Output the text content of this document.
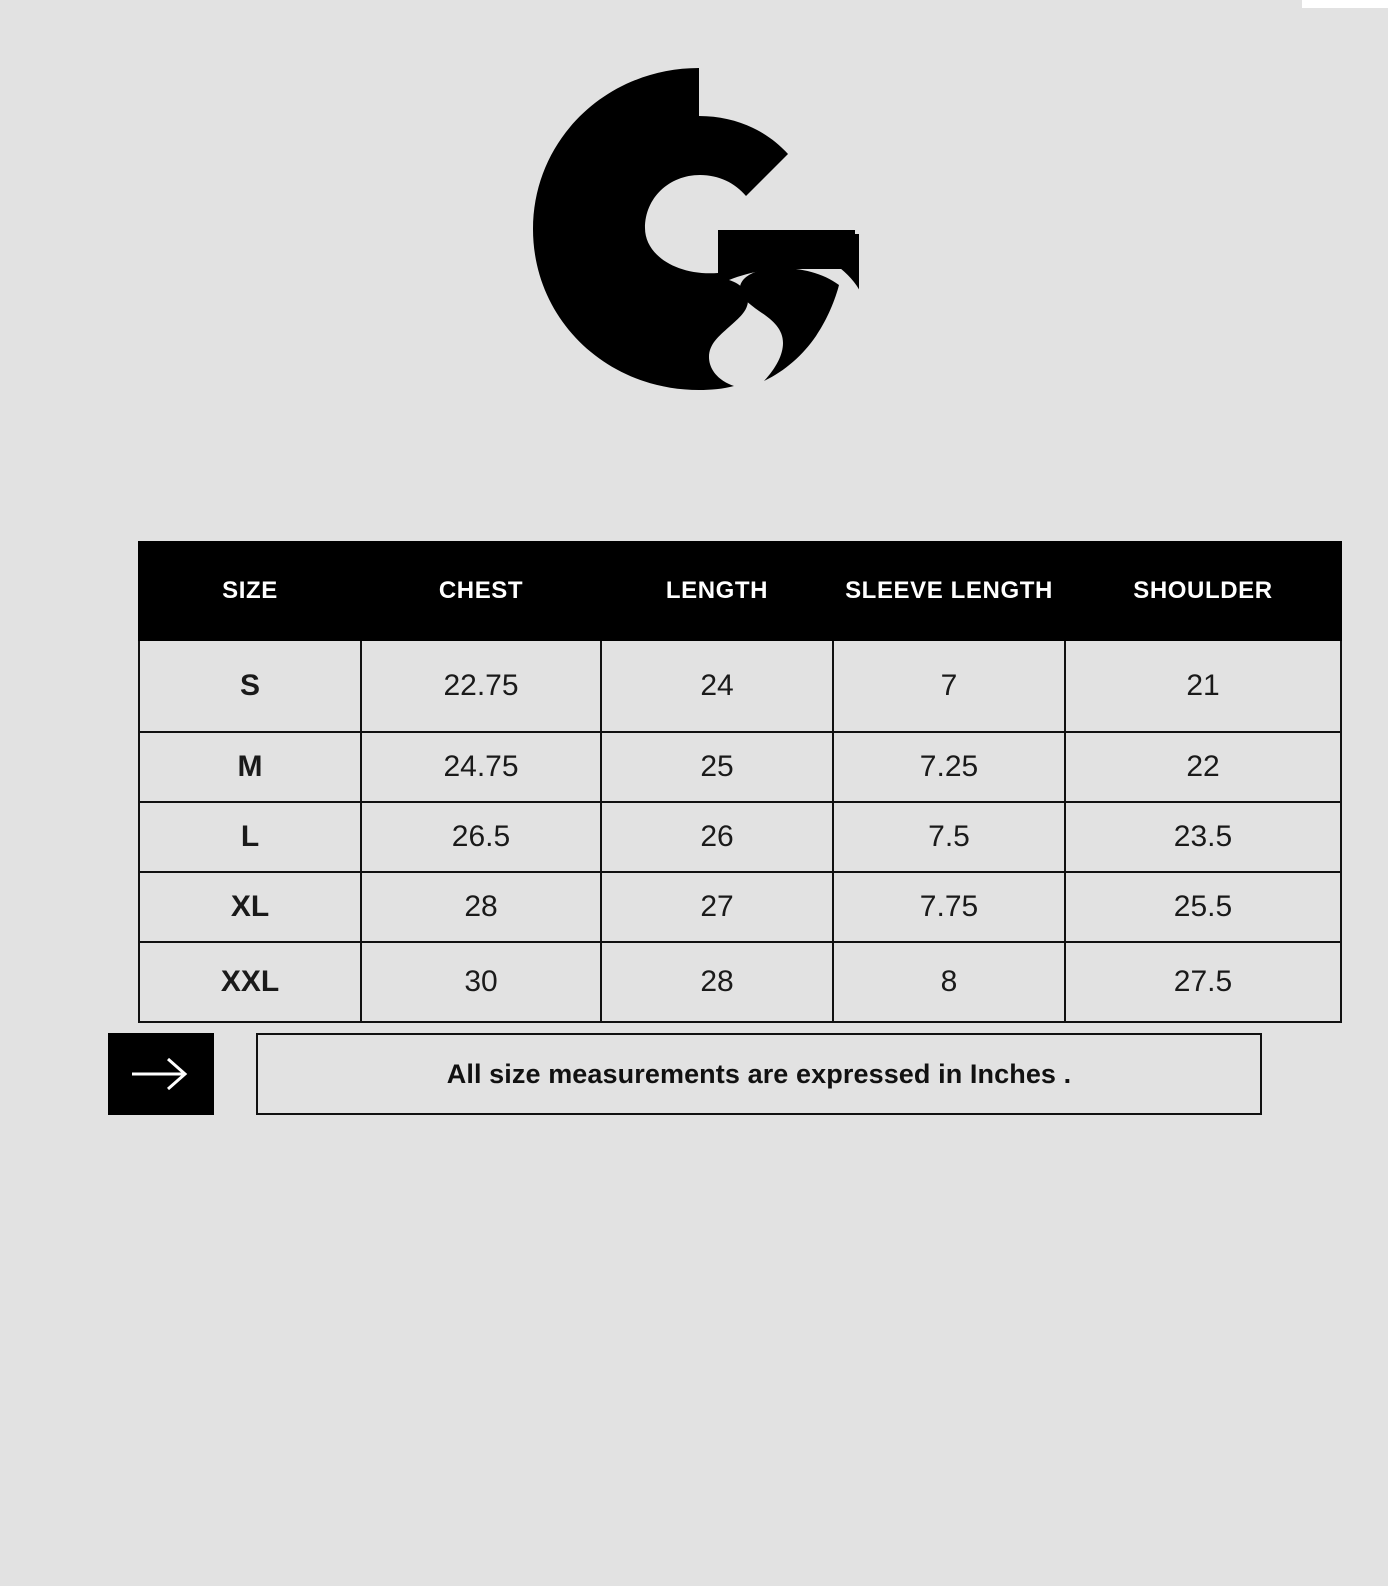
SIZE	CHEST	LENGTH	SLEEVE LENGTH	SHOULDER
S	22.75	24	7	21
M	24.75	25	7.25	22
L	26.5	26	7.5	23.5
XL	28	27	7.75	25.5
XXL	30	28	8	27.5
All size measurements are expressed in Inches .
